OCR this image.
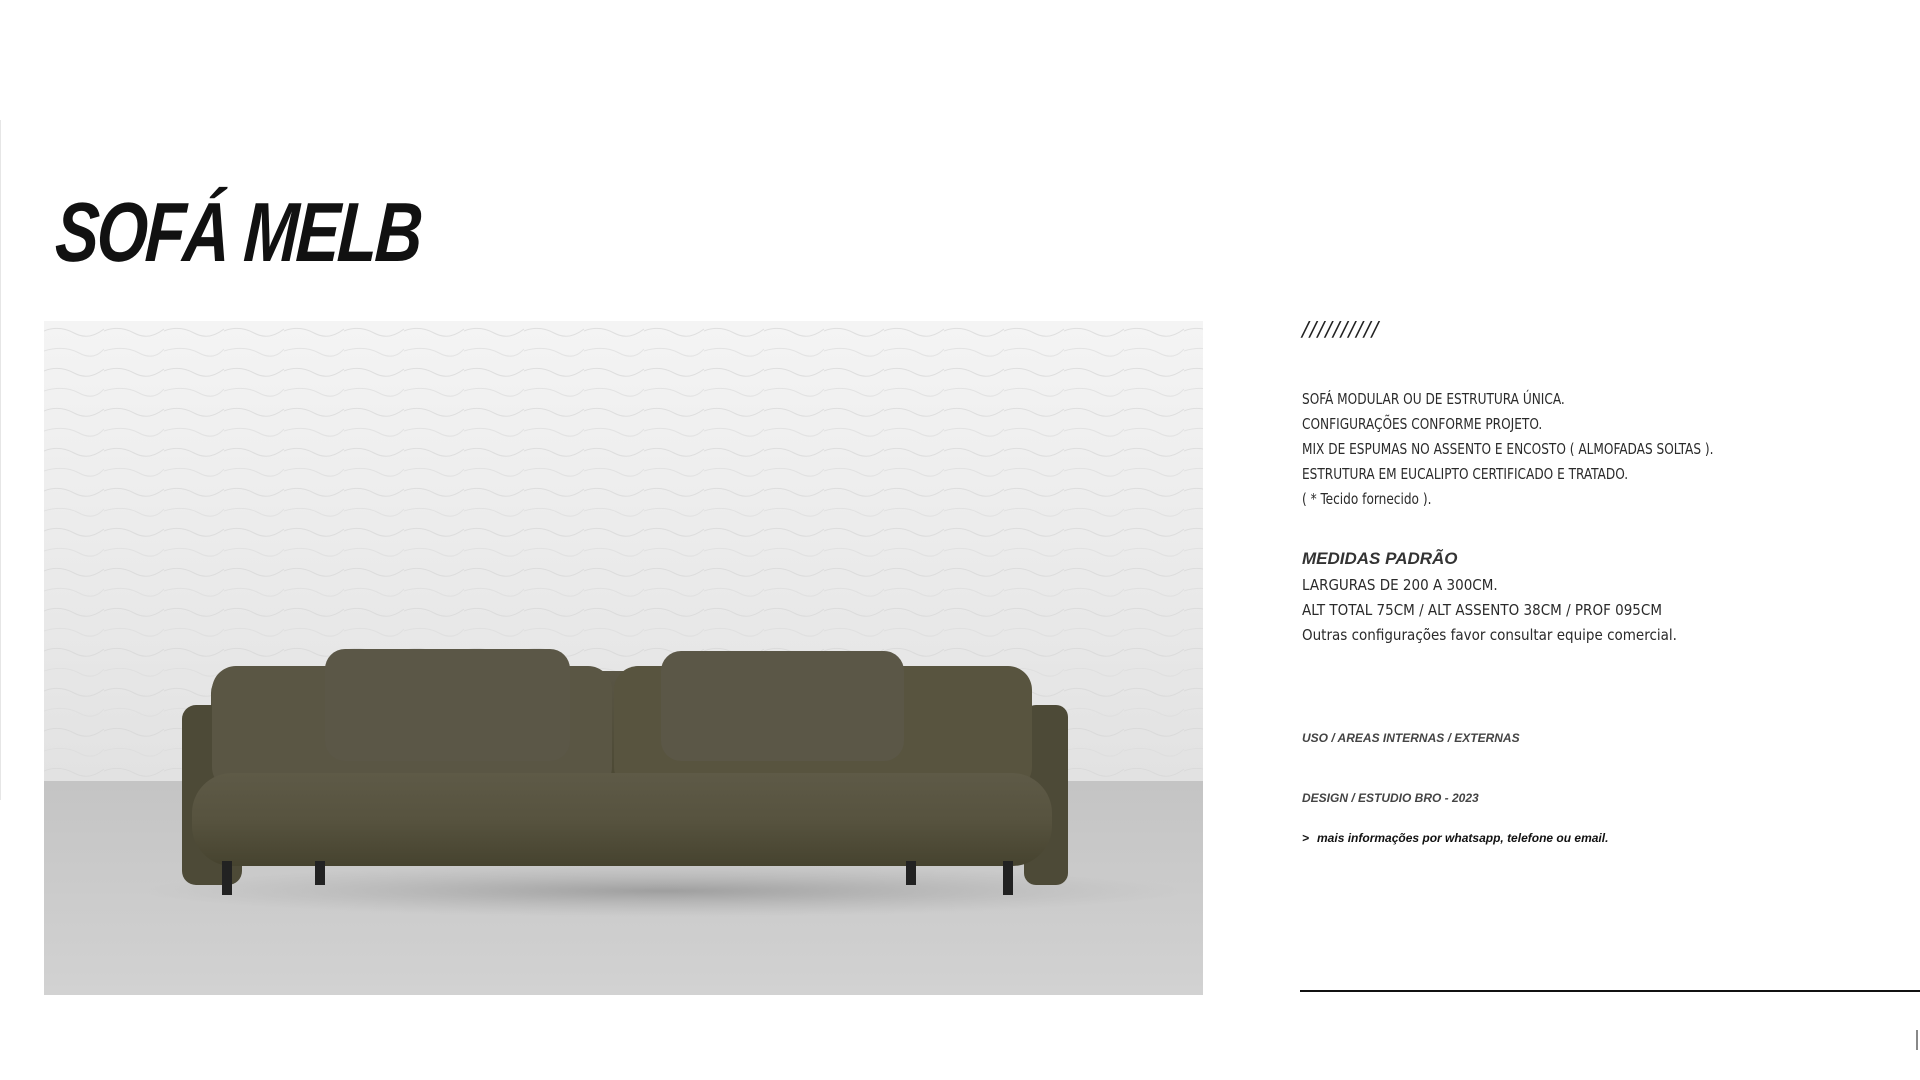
SOFÁ MELB
//////////
SOFÁ MODULAR OU DE ESTRUTURA ÚNICA.
CONFIGURAÇÕES CONFORME PROJETO.
MIX DE ESPUMAS NO ASSENTO E ENCOSTO ( ALMOFADAS SOLTAS ).
ESTRUTURA EM EUCALIPTO CERTIFICADO E TRATADO.
( * Tecido fornecido ).
MEDIDAS PADRÃO
LARGURAS DE 200 A 300CM.
ALT TOTAL 75CM / ALT ASSENTO 38CM / PROF 095CM
Outras configurações favor consultar equipe comercial.
USO / AREAS INTERNAS / EXTERNAS
DESIGN / ESTUDIO BRO - 2023
> mais informações por whatsapp, telefone ou email.
